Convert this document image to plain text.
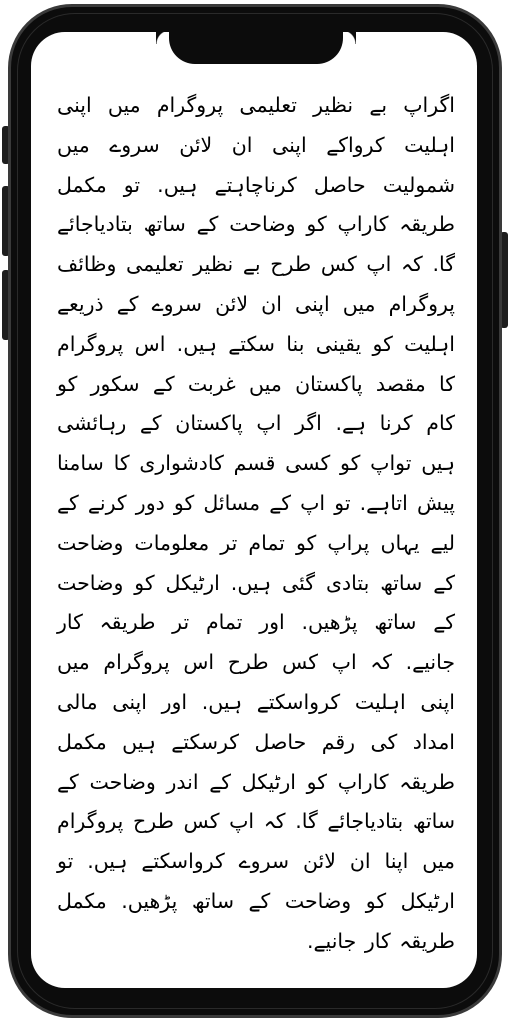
اگراپ بے نظیر تعلیمی پروگرام میں اپنی اہلیت کرواکے اپنی ان لائن سروے میں شمولیت حاصل کرناچاہتے ہیں. تو مکمل طریقہ کاراپ کو وضاحت کے ساتھ بتادیاجائے گا. کہ اپ کس طرح بے نظیر تعلیمی وظائف پروگرام میں اپنی ان لائن سروے کے ذریعے اہلیت کو یقینی بنا سکتے ہیں. اس پروگرام کا مقصد پاکستان میں غربت کے سکور کو کام کرنا ہے. اگر اپ پاکستان کے رہائشی ہیں تواپ کو کسی قسم کادشواری کا سامنا پیش اتاہے. تو اپ کے مسائل کو دور کرنے کے لیے یہاں پراپ کو تمام تر معلومات وضاحت کے ساتھ بتادی گئی ہیں. ارٹیکل کو وضاحت کے ساتھ پڑھیں. اور تمام تر طریقہ کار جانیے. کہ اپ کس طرح اس پروگرام میں اپنی اہلیت کرواسکتے ہیں. اور اپنی مالی امداد کی رقم حاصل کرسکتے ہیں مکمل طریقہ کاراپ کو ارٹیکل کے اندر وضاحت کے ساتھ بتادیاجائے گا. کہ اپ کس طرح پروگرام میں اپنا ان لائن سروے کرواسکتے ہیں. تو ارٹیکل کو وضاحت کے ساتھ پڑھیں. مکمل طریقہ کار جانیے.
